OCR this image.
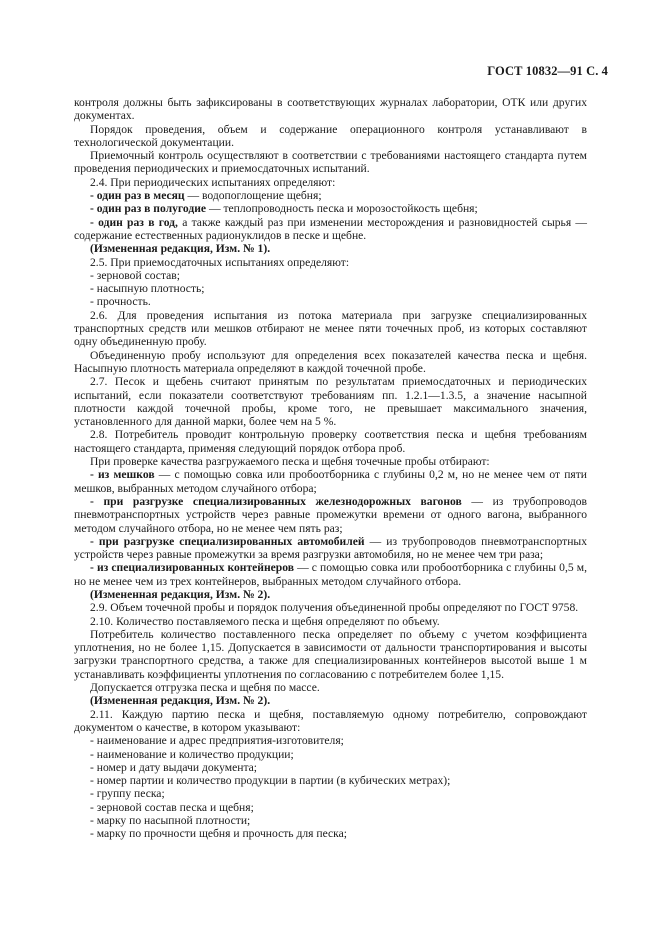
ГОСТ 10832—91 С. 4

контроля должны быть зафиксированы в соответствующих журналах лаборатории, ОТК или других документах.

Порядок проведения, объем и содержание операционного контроля устанавливают в технологической документации.

Приемочный контроль осуществляют в соответствии с требованиями настоящего стандарта путем проведения периодических и приемосдаточных испытаний.

2.4. При периодических испытаниях определяют:

- один раз в месяц — водопоглощение щебня;

- один раз в полугодие — теплопроводность песка и морозостойкость щебня;

- один раз в год, а также каждый раз при изменении месторождения и разновидностей сырья — содержание естественных радионуклидов в песке и щебне.

(Измененная редакция, Изм. № 1).

2.5. При приемосдаточных испытаниях определяют:

- зерновой состав;

- насыпную плотность;

- прочность.

2.6. Для проведения испытания из потока материала при загрузке специализированных транспортных средств или мешков отбирают не менее пяти точечных проб, из которых составляют одну объединенную пробу.

Объединенную пробу используют для определения всех показателей качества песка и щебня. Насыпную плотность материала определяют в каждой точечной пробе.

2.7. Песок и щебень считают принятым по результатам приемосдаточных и периодических испытаний, если показатели соответствуют требованиям пп. 1.2.1—1.3.5, а значение насыпной плотности каждой точечной пробы, кроме того, не превышает максимального значения, установленного для данной марки, более чем на 5 %.

2.8. Потребитель проводит контрольную проверку соответствия песка и щебня требованиям настоящего стандарта, применяя следующий порядок отбора проб.

При проверке качества разгружаемого песка и щебня точечные пробы отбирают:

- из мешков — с помощью совка или пробоотборника с глубины 0,2 м, но не менее чем от пяти мешков, выбранных методом случайного отбора;

- при разгрузке специализированных железнодорожных вагонов — из трубопроводов пневмотранспортных устройств через равные промежутки времени от одного вагона, выбранного методом случайного отбора, но не менее чем пять раз;

- при разгрузке специализированных автомобилей — из трубопроводов пневмотранспортных устройств через равные промежутки за время разгрузки автомобиля, но не менее чем три раза;

- из специализированных контейнеров — с помощью совка или пробоотборника с глубины 0,5 м, но не менее чем из трех контейнеров, выбранных методом случайного отбора.

(Измененная редакция, Изм. № 2).

2.9. Объем точечной пробы и порядок получения объединенной пробы определяют по ГОСТ 9758.

2.10. Количество поставляемого песка и щебня определяют по объему.

Потребитель количество поставленного песка определяет по объему с учетом коэффициента уплотнения, но не более 1,15. Допускается в зависимости от дальности транспортирования и высоты загрузки транспортного средства, а также для специализированных контейнеров высотой выше 1 м устанавливать коэффициенты уплотнения по согласованию с потребителем более 1,15.

Допускается отгрузка песка и щебня по массе.

(Измененная редакция, Изм. № 2).

2.11. Каждую партию песка и щебня, поставляемую одному потребителю, сопровождают документом о качестве, в котором указывают:

- наименование и адрес предприятия-изготовителя;

- наименование и количество продукции;

- номер и дату выдачи документа;

- номер партии и количество продукции в партии (в кубических метрах);

- группу песка;

- зерновой состав песка и щебня;

- марку по насыпной плотности;

- марку по прочности щебня и прочность для песка;
